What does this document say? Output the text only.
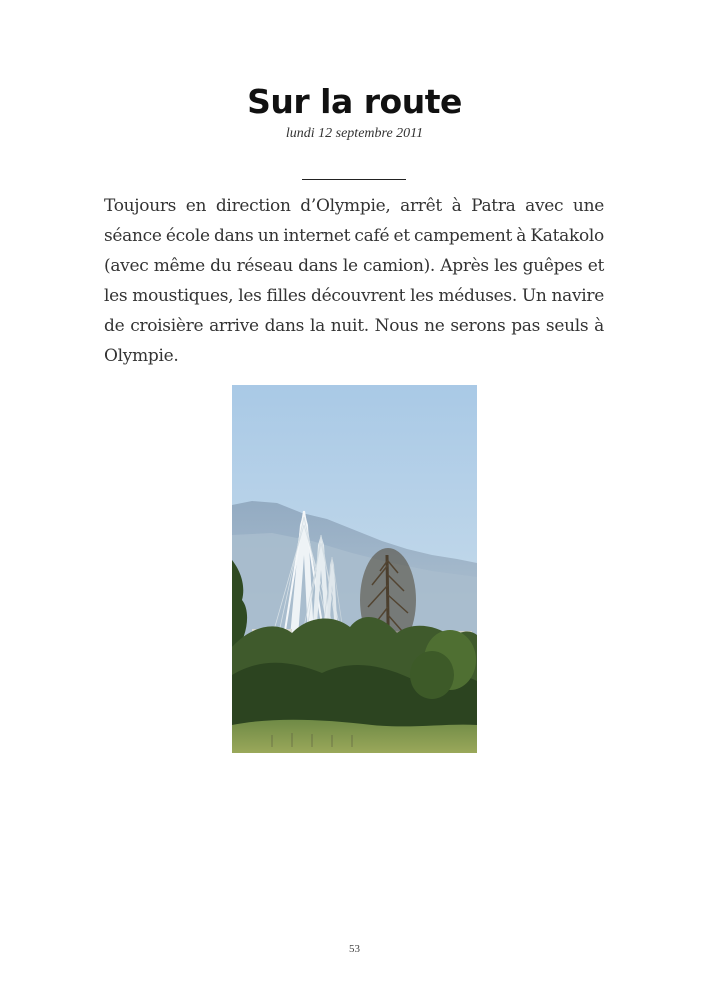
Sur la route
lundi 12 septembre 2011
Toujours en direction d’Olympie, arrêt à Patra avec une séance école dans un internet café et campement à Katakolo (avec même du réseau dans le camion). Après les guêpes et les moustiques, les filles découvrent les méduses. Un navire de croisière arrive dans la nuit. Nous ne serons pas seuls à Olympie.
53
